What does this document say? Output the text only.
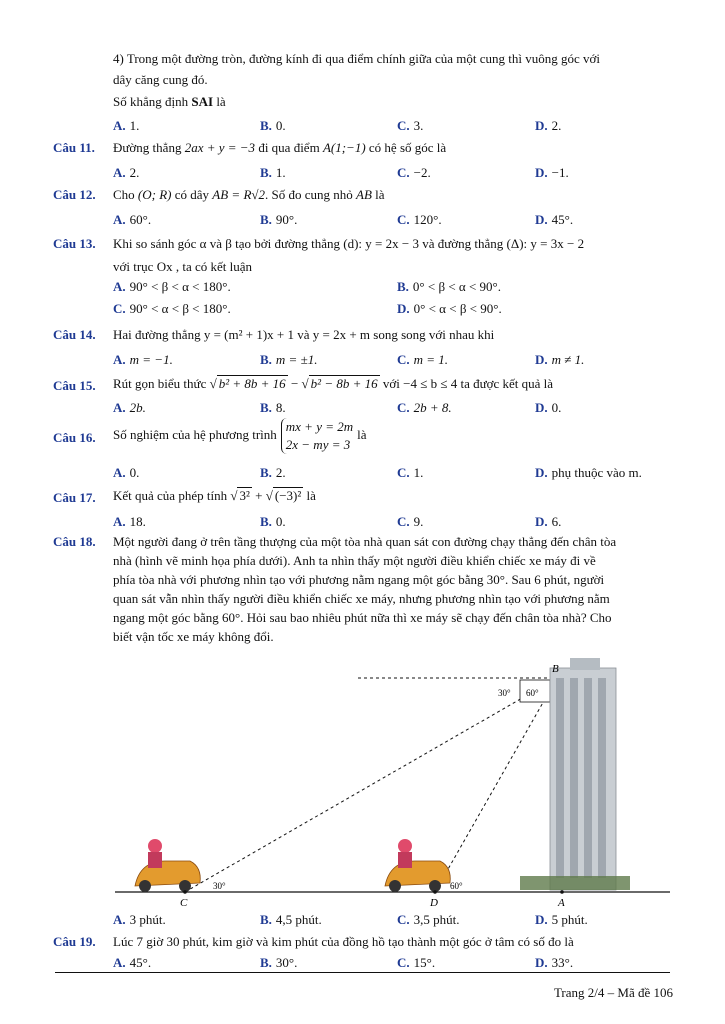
4) Trong một đường tròn, đường kính đi qua điểm chính giữa của một cung thì vuông góc với
dây căng cung đó.
Số khẳng định SAI là
A. 1.	B. 0.	C. 3.	D. 2.
Câu 11. Đường thẳng 2ax + y = −3 đi qua điểm A(1;−1) có hệ số góc là
A. 2.	B. 1.	C. −2.	D. −1.
Câu 12. Cho (O; R) có dây AB = R√2. Số đo cung nhỏ AB là
A. 60°.	B. 90°.	C. 120°.	D. 45°.
Câu 13. Khi so sánh góc α và β tạo bởi đường thẳng (d): y = 2x − 3 và đường thẳng (Δ): y = 3x − 2
với trục Ox , ta có kết luận
A. 90° < β < α < 180°.	B. 0° < β < α < 90°.
C. 90° < α < β < 180°.	D. 0° < α < β < 90°.
Câu 14. Hai đường thẳng y = (m² + 1)x + 1 và y = 2x + m song song với nhau khi
A. m = −1.	B. m = ±1.	C. m = 1.	D. m ≠ 1.
Câu 15. Rút gọn biểu thức √ b² + 8b + 16 − √ b² − 8b + 16 với −4 ≤ b ≤ 4 ta được kết quả là
A. 2b.	B. 8.	C. 2b + 8.	D. 0.
Câu 16. Số nghiệm của hệ phương trình
mx + y = 2m
2x − my = 3
là
A. 0.	B. 2.	C. 1.	D. phụ thuộc vào m.
Câu 17. Kết quả của phép tính √ 3² + √ (−3)² là
A. 18.	B. 0.	C. 9.	D. 6.
Câu 18. Một người đang ở trên tầng thượng của một tòa nhà quan sát con đường chạy thẳng đến chân tòa
nhà (hình vẽ minh họa phía dưới). Anh ta nhìn thấy một người điều khiển chiếc xe máy đi về
phía tòa nhà với phương nhìn tạo với phương nằm ngang một góc bằng 30°. Sau 6 phút, người
quan sát vẫn nhìn thấy người điều khiển chiếc xe máy, nhưng phương nhìn tạo với phương nằm
ngang một góc bằng 60°. Hỏi sau bao nhiêu phút nữa thì xe máy sẽ chạy đến chân tòa nhà? Cho
biết vận tốc xe máy không đổi.
B
C	D	A
30° 60°
30°	60°
A. 3 phút.	B. 4,5 phút.	C. 3,5 phút.	D. 5 phút.
Câu 19. Lúc 7 giờ 30 phút, kim giờ và kim phút của đồng hồ tạo thành một góc ở tâm có số đo là
A. 45°.	B. 30°.	C. 15°.	D. 33°.
Trang 2/4 – Mã đề 106
